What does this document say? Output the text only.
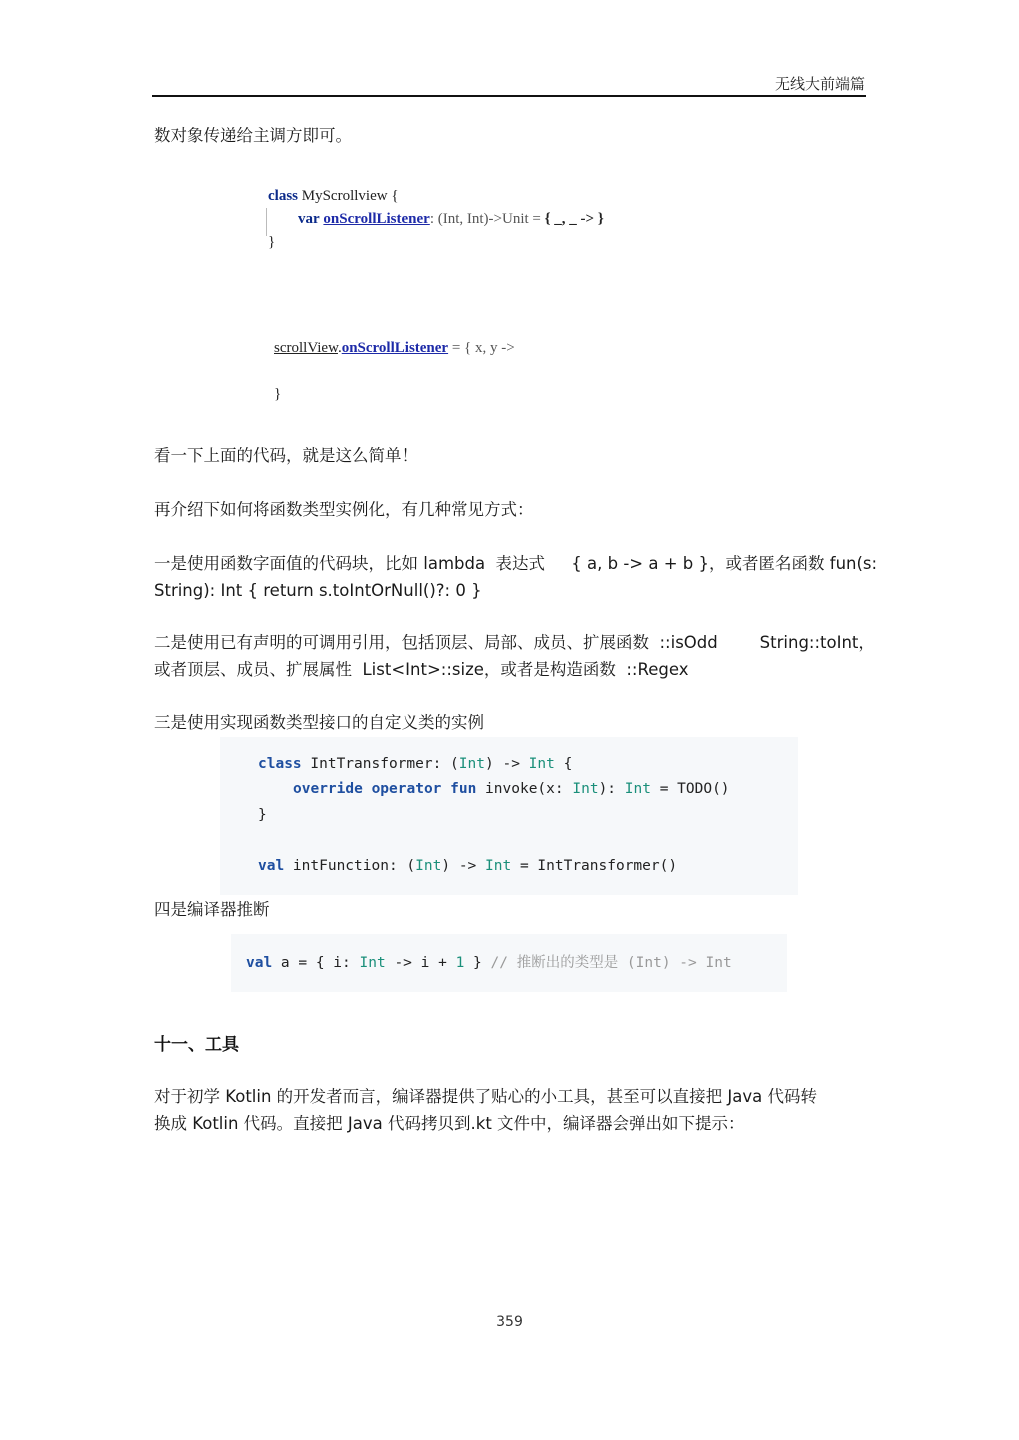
无线大前端篇
数对象传递给主调方即可。
class MyScrollview {
var onScrollListener: (Int, Int)->Unit = { _, _ -> }
}
scrollView.onScrollListener = { x, y ->
}
看一下上面的代码，就是这么简单！
再介绍下如何将函数类型实例化，有几种常见方式：
一是使用函数字面值的代码块，比如 lambda  表达式     { a, b -> a + b }，或者匿名函数 fun(s:
String): Int { return s.toIntOrNull()?: 0 }
二是使用已有声明的可调用引用，包括顶层、局部、成员、扩展函数  ::isOdd        String::toInt，
或者顶层、成员、扩展属性  List<Int>::size，或者是构造函数  ::Regex
三是使用实现函数类型接口的自定义类的实例
class IntTransformer: (Int) -> Int {
override operator fun invoke(x: Int): Int = TODO()
}
val intFunction: (Int) -> Int = IntTransformer()
四是编译器推断
val a = { i: Int -> i + 1 } // 推断出的类型是 (Int) -> Int
十一、工具
对于初学 Kotlin 的开发者而言，编译器提供了贴心的小工具，甚至可以直接把 Java 代码转
换成 Kotlin 代码。直接把 Java 代码拷贝到.kt 文件中，编译器会弹出如下提示：
359
